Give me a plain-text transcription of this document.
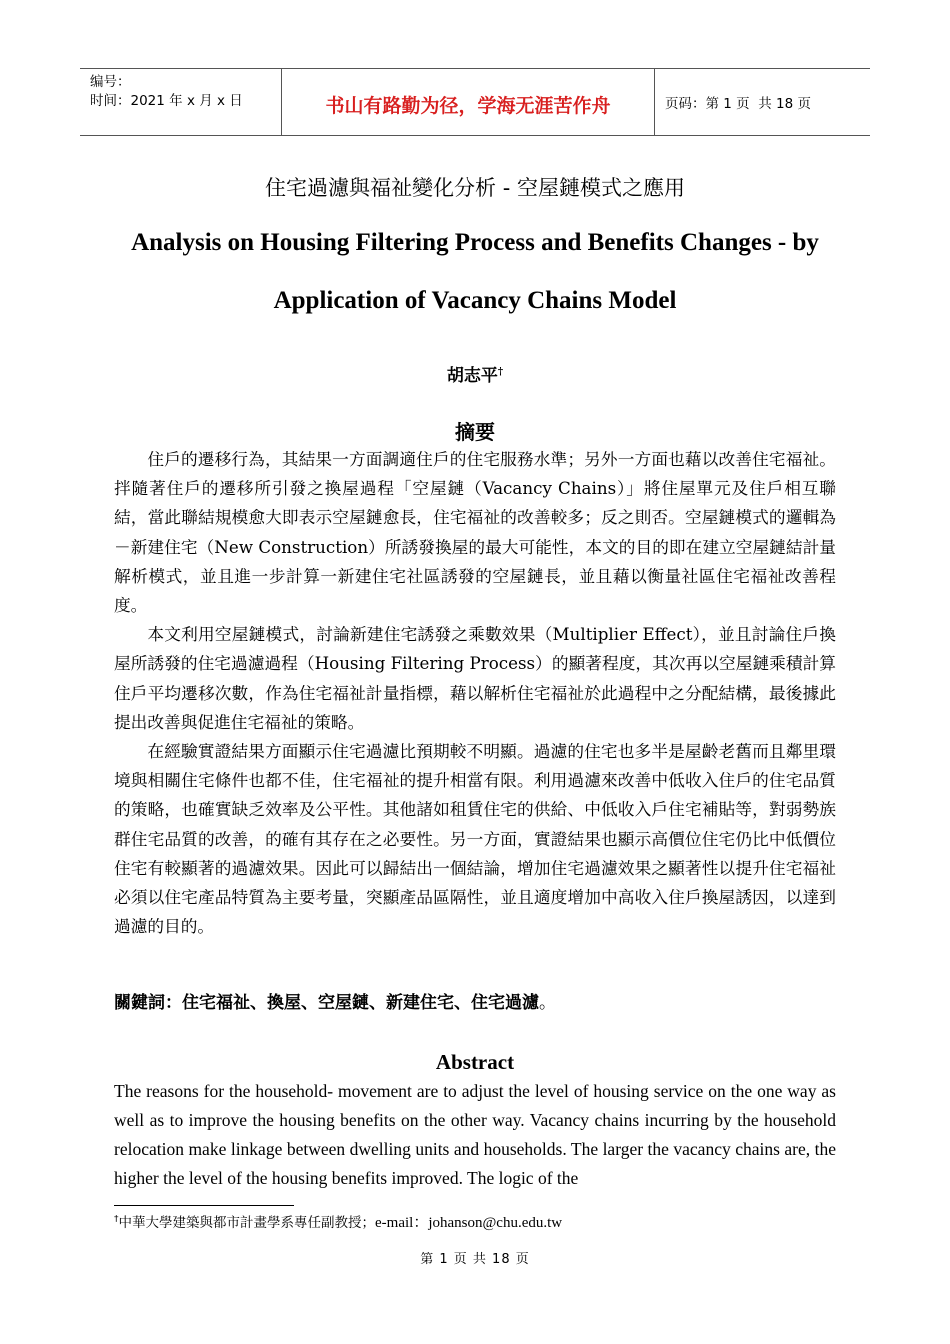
编号：
时间：2021 年 x 月 x 日	书山有路勤为径，学海无涯苦作舟	页码：第 1 页  共 18 页
住宅過濾與福祉變化分析 - 空屋鏈模式之應用
Analysis on Housing Filtering Process and Benefits Changes - by
Application of Vacancy Chains Model
胡志平†
摘要

住戶的遷移行為，其結果一方面調適住戶的住宅服務水準；另外一方面也藉以改善住宅福祉。拌隨著住戶的遷移所引發之換屋過程「空屋鏈（Vacancy Chains）」將住屋單元及住戶相互聯結，當此聯結規模愈大即表示空屋鏈愈長，住宅福祉的改善較多；反之則否。空屋鏈模式的邏輯為－新建住宅（New Construction）所誘發換屋的最大可能性，本文的目的即在建立空屋鏈結計量解析模式，並且進一步計算一新建住宅社區誘發的空屋鏈長，並且藉以衡量社區住宅福祉改善程度。

本文利用空屋鏈模式，討論新建住宅誘發之乘數效果（Multiplier Effect），並且討論住戶換屋所誘發的住宅過濾過程（Housing Filtering Process）的顯著程度，其次再以空屋鏈乘積計算住戶平均遷移次數，作為住宅福祉計量指標，藉以解析住宅福祉於此過程中之分配結構，最後據此提出改善與促進住宅福祉的策略。

在經驗實證結果方面顯示住宅過濾比預期較不明顯。過濾的住宅也多半是屋齡老舊而且鄰里環境與相關住宅條件也都不佳，住宅福祉的提升相當有限。利用過濾來改善中低收入住戶的住宅品質的策略，也確實缺乏效率及公平性。其他諸如租賃住宅的供給、中低收入戶住宅補貼等，對弱勢族群住宅品質的改善，的確有其存在之必要性。另一方面，實證結果也顯示高價位住宅仍比中低價位住宅有較顯著的過濾效果。因此可以歸結出一個結論，增加住宅過濾效果之顯著性以提升住宅福祉必須以住宅產品特質為主要考量，突顯產品區隔性，並且適度增加中高收入住戶換屋誘因，以達到過濾的目的。

關鍵詞：住宅福祉、換屋、空屋鏈、新建住宅、住宅過濾。
Abstract

The reasons for the household- movement are to adjust the level of housing service on the one way as well as to improve the housing benefits on the other way. Vacancy chains incurring by the household relocation make linkage between dwelling units and households. The larger the vacancy chains are, the higher the level of the housing benefits improved. The logic of the

†中華大學建築與都市計畫學系專任副教授；e-mail：johanson@chu.edu.tw
第 1 页 共 18 页
